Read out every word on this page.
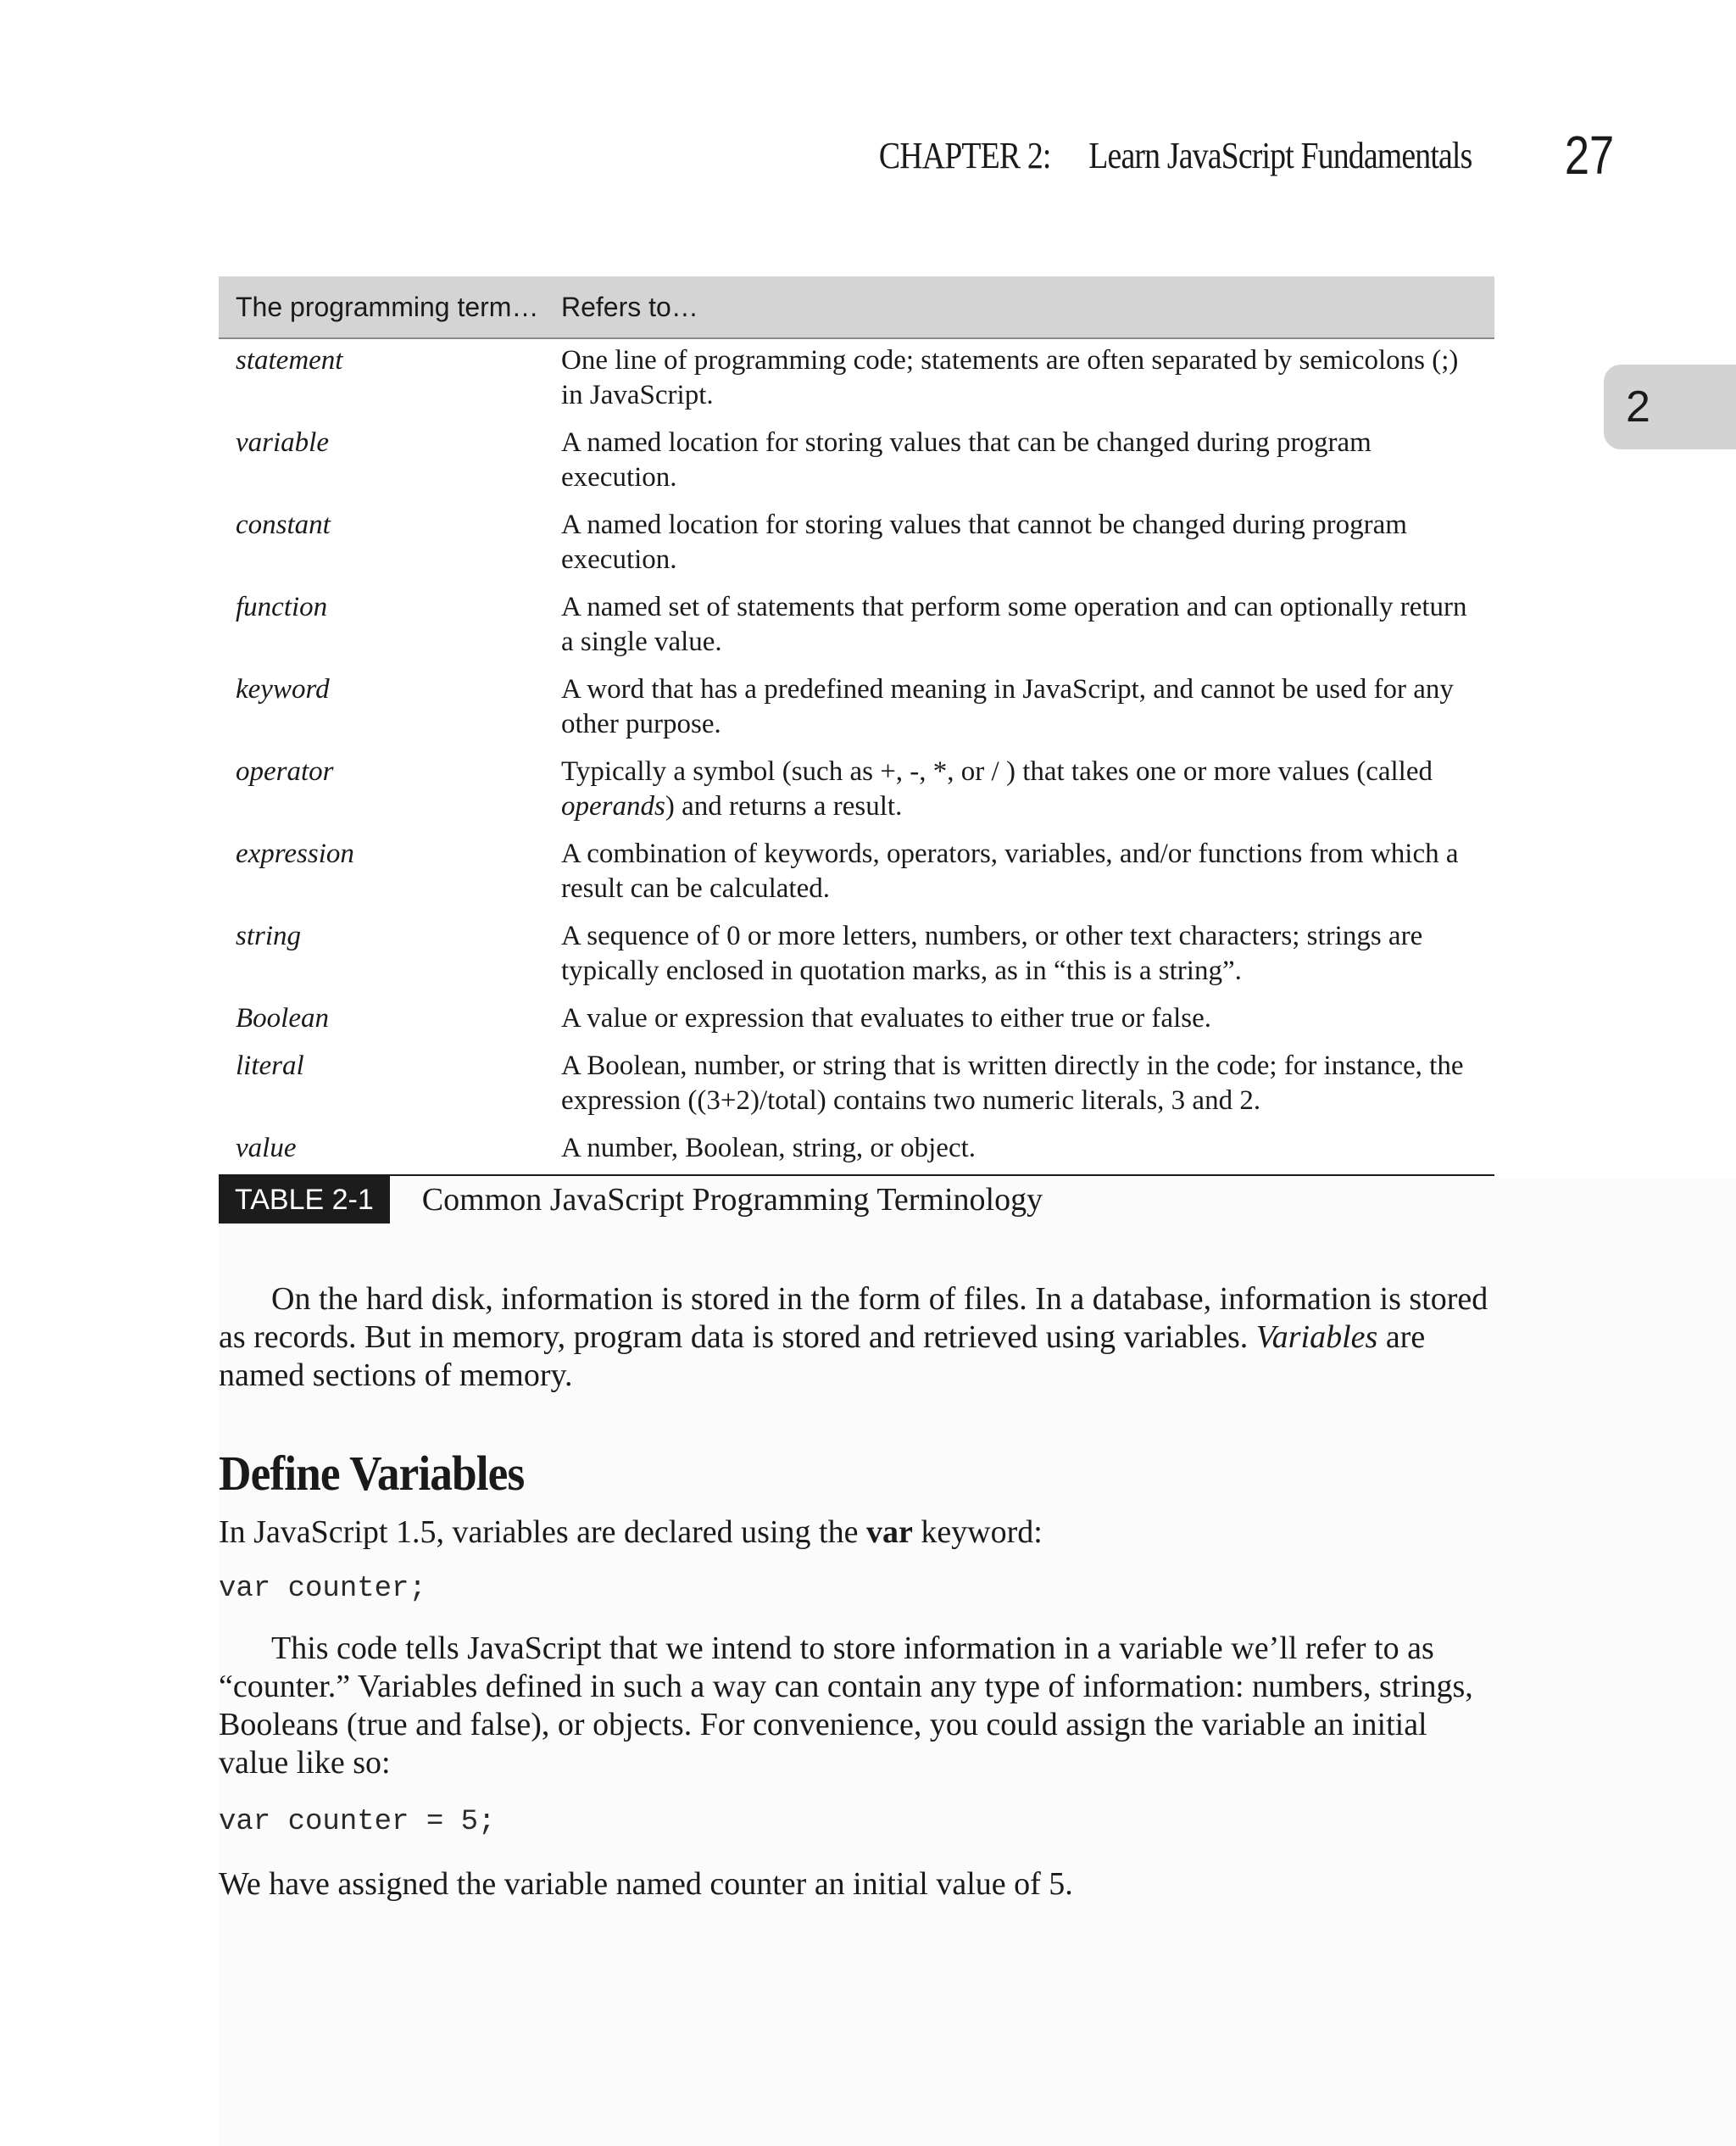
CHAPTER 2: Learn JavaScript Fundamentals 27
2
The programming term… Refers to…
statement	One line of programming code; statements are often separated by semicolons (;) in JavaScript.
variable	A named location for storing values that can be changed during program execution.
constant	A named location for storing values that cannot be changed during program execution.
function	A named set of statements that perform some operation and can optionally return a single value.
keyword	A word that has a predefined meaning in JavaScript, and cannot be used for any other purpose.
operator	Typically a symbol (such as +, -, *, or / ) that takes one or more values (called operands) and returns a result.
expression	A combination of keywords, operators, variables, and/or functions from which a result can be calculated.
string	A sequence of 0 or more letters, numbers, or other text characters; strings are typically enclosed in quotation marks, as in “this is a string”.
Boolean	A value or expression that evaluates to either true or false.
literal	A Boolean, number, or string that is written directly in the code; for instance, the expression ((3+2)/total) contains two numeric literals, 3 and 2.
value	A number, Boolean, string, or object.
TABLE 2-1	Common JavaScript Programming Terminology

On the hard disk, information is stored in the form of files. In a database, information is stored as records. But in memory, program data is stored and retrieved using variables. Variables are named sections of memory.

Define Variables

In JavaScript 1.5, variables are declared using the var keyword:

var counter;

This code tells JavaScript that we intend to store information in a variable we’ll refer to as “counter.” Variables defined in such a way can contain any type of information: numbers, strings, Booleans (true and false), or objects. For convenience, you could assign the variable an initial value like so:

var counter = 5;

We have assigned the variable named counter an initial value of 5.
